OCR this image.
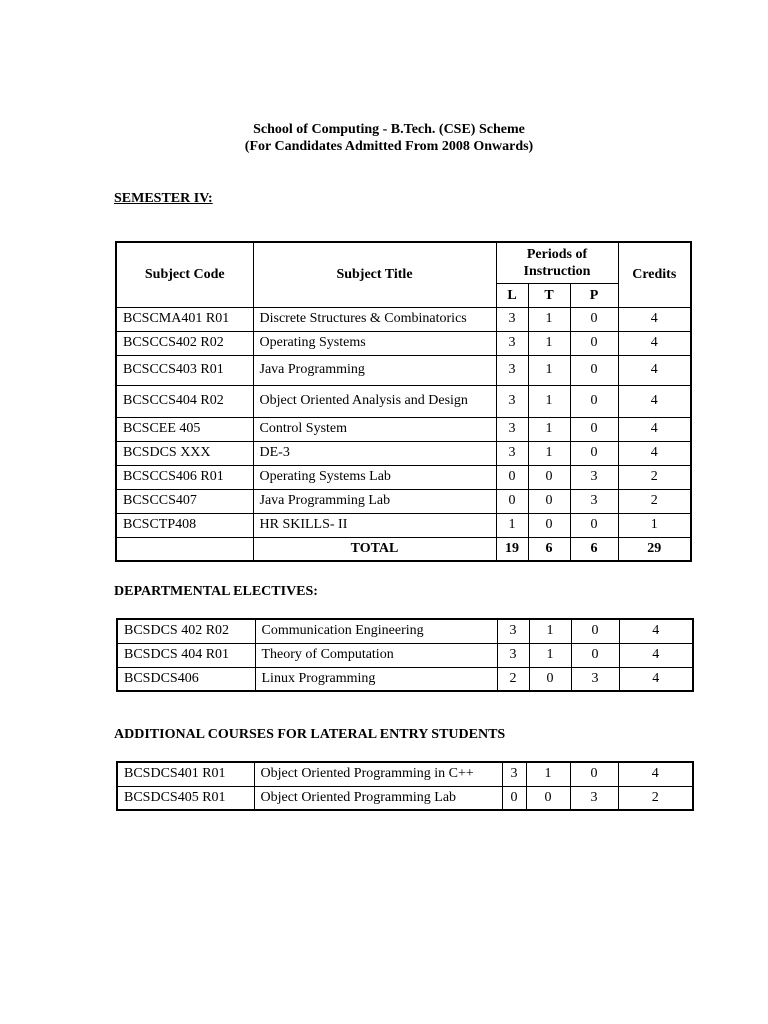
School of Computing - B.Tech. (CSE) Scheme
(For Candidates Admitted From 2008 Onwards)
SEMESTER IV:
Subject Code	Subject Title	Periods of Instruction			Credits
		L	T	P	
BCSCMA401 R01	Discrete Structures & Combinatorics	3	1	0	4
BCSCCS402 R02	Operating Systems	3	1	0	4
BCSCCS403 R01	Java Programming	3	1	0	4
BCSCCS404 R02	Object Oriented Analysis and Design	3	1	0	4
BCSCEE 405	Control System	3	1	0	4
BCSDCS XXX	DE-3	3	1	0	4
BCSCCS406 R01	Operating Systems Lab	0	0	3	2
BCSCCS407	Java Programming Lab	0	0	3	2
BCSCTP408	HR SKILLS- II	1	0	0	1
	TOTAL	19	6	6	29
DEPARTMENTAL ELECTIVES:
BCSDCS 402 R02	Communication Engineering	3	1	0	4
BCSDCS 404 R01	Theory of Computation	3	1	0	4
BCSDCS406	Linux Programming	2	0	3	4
ADDITIONAL COURSES FOR LATERAL ENTRY STUDENTS
BCSDCS401 R01	Object Oriented Programming in C++	3	1	0	4
BCSDCS405 R01	Object Oriented Programming Lab	0	0	3	2
